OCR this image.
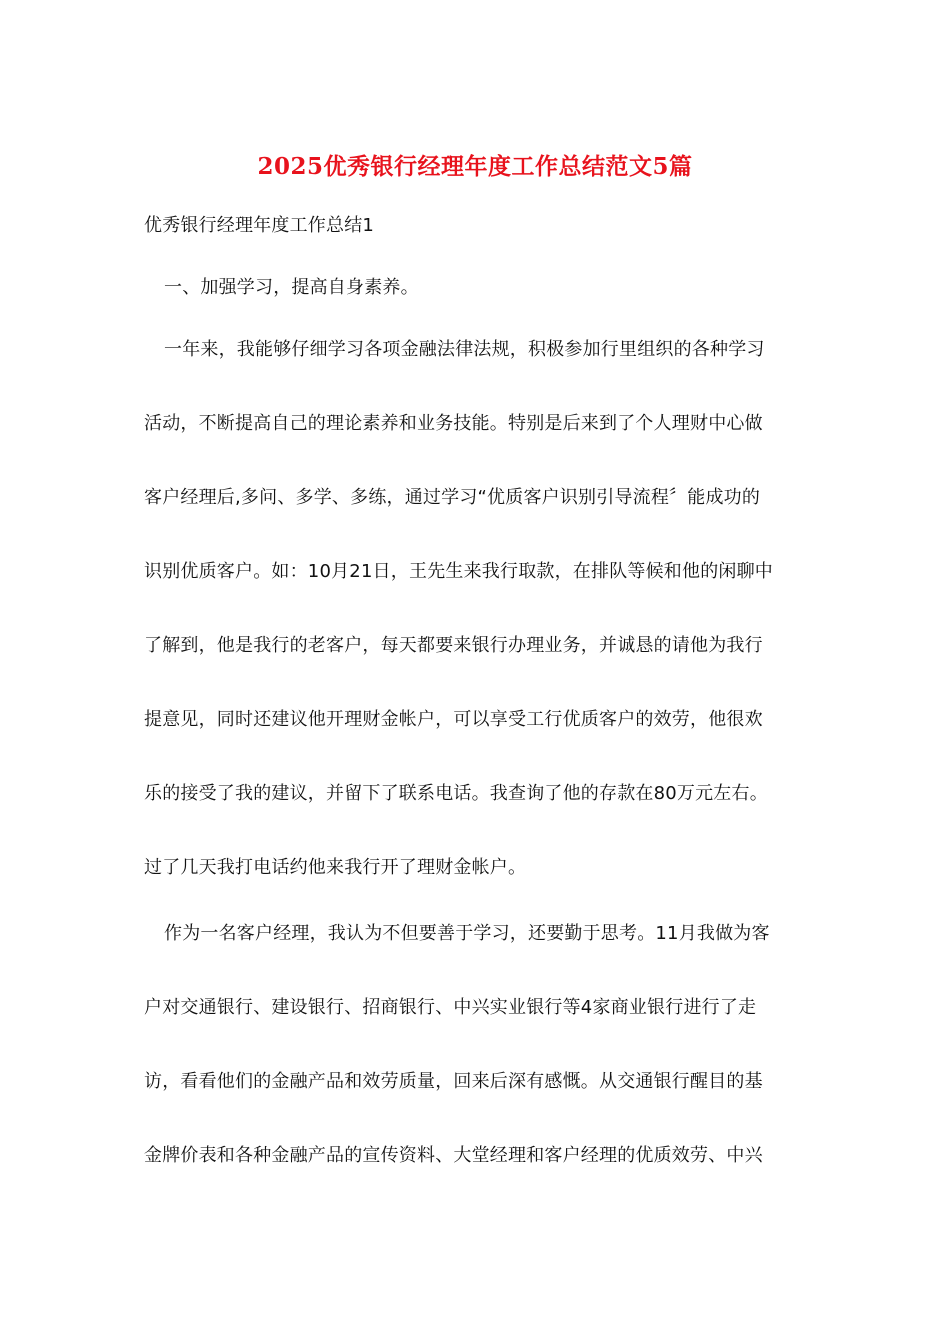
2025优秀银行经理年度工作总结范文5篇
优秀银行经理年度工作总结1
一、加强学习，提高自身素养。
一年来，我能够仔细学习各项金融法律法规，积极参加行里组织的各种学习
活动，不断提高自己的理论素养和业务技能。特别是后来到了个人理财中心做
客户经理后,多问、多学、多练，通过学习“优质客户识别引导流程〞能成功的
识别优质客户。如：10月21日，王先生来我行取款，在排队等候和他的闲聊中
了解到，他是我行的老客户，每天都要来银行办理业务，并诚恳的请他为我行
提意见，同时还建议他开理财金帐户，可以享受工行优质客户的效劳，他很欢
乐的接受了我的建议，并留下了联系电话。我查询了他的存款在80万元左右。
过了几天我打电话约他来我行开了理财金帐户。
作为一名客户经理，我认为不但要善于学习，还要勤于思考。11月我做为客
户对交通银行、建设银行、招商银行、中兴实业银行等4家商业银行进行了走
访，看看他们的金融产品和效劳质量，回来后深有感慨。从交通银行醒目的基
金牌价表和各种金融产品的宣传资料、大堂经理和客户经理的优质效劳、中兴
